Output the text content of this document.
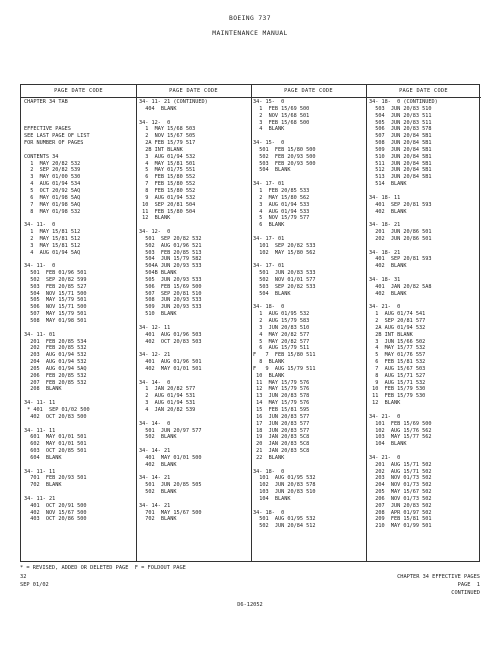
BOEING 737
MAINTENANCE MANUAL
PAGE DATE CODE
CHAPTER 34 TAB
EFFECTIVE PAGES
SEE LAST PAGE OF LIST
FOR NUMBER OF PAGES
CONTENTS 34
1  MAY 20/82 532
2  SEP 20/82 539
3  MAY 01/00 530
4  AUG 01/94 534
5  OCT 20/92 5AQ
6  MAY 01/98 5AQ
7  MAY 01/98 5AQ
8  MAY 01/98 532
34- 11-  0
1  MAY 15/81 512
2  MAY 15/81 512
3  MAY 15/81 512
4  AUG 01/94 5AQ
34- 11-  0
501  FEB 01/96 501
502  SEP 20/82 599
503  FEB 20/85 527
504  NOV 15/71 500
505  MAY 15/79 501
506  NOV 15/71 500
507  MAY 15/79 501
508  MAY 01/98 501
34- 11- 01
201  FEB 20/85 534
202  FEB 20/85 532
203  AUG 01/94 532
204  AUG 01/94 532
205  AUG 01/94 5AQ
206  FEB 20/85 532
207  FEB 20/85 532
208  BLANK
34- 11- 11
* 401  SEP 01/02 500
402  OCT 20/83 500
34- 11- 11
601  MAY 01/01 501
602  MAY 01/01 501
603  OCT 20/85 501
604  BLANK
34- 11- 11
701  FEB 20/93 501
702  BLANK
34- 11- 21
401  OCT 20/91 500
402  NOV 15/67 500
403  OCT 20/86 500
PAGE DATE CODE
34- 11- 21 (CONTINUED)
404  BLANK
34- 12-  0
1  MAY 15/68 503
2  NOV 15/67 505
2A FEB 15/79 517
2B INT BLANK
3  AUG 01/94 532
4  MAY 15/81 501
5  MAY 01/75 551
6  FEB 15/80 552
7  FEB 15/80 552
8  FEB 15/80 552
9  AUG 01/94 532
10  SEP 20/81 504
11  FEB 15/80 504
12  BLANK
34- 12-  0
501  SEP 20/82 532
502  AUG 01/96 521
503  FEB 20/85 513
504  JUN 15/79 582
504A JUN 20/93 533
504B BLANK
505  JUN 20/93 533
506  FEB 15/69 500
507  SEP 20/81 510
508  JUN 20/93 533
509  JUN 20/93 533
510  BLANK
34- 12- 11
401  AUG 01/96 503
402  OCT 20/83 503
34- 12- 21
401  AUG 01/96 501
402  MAY 01/01 501
34- 14-  0
1  JAN 20/82 577
2  AUG 01/94 531
3  AUG 01/94 531
4  JAN 20/82 539
34- 14-  0
501  JUN 20/97 577
502  BLANK
34- 14- 21
401  MAY 01/01 500
402  BLANK
34- 14- 21
501  JUN 20/85 505
502  BLANK
34- 14- 21
701  MAY 15/67 500
702  BLANK
PAGE DATE CODE
34- 15-  0
1  FEB 15/69 500
2  NOV 15/68 501
3  FEB 15/68 500
4  BLANK
34- 15-  0
501  FEB 15/80 500
502  FEB 20/93 500
503  FEB 20/93 500
504  BLANK
34- 17- 01
1  FEB 20/85 533
2  MAY 15/80 562
3  AUG 01/94 533
4  AUG 01/94 533
5  NOV 15/79 577
6  BLANK
34- 17- 01
101  SEP 20/82 533
102  MAY 15/80 562
34- 17- 01
501  JUN 20/83 533
502  NOV 01/01 577
503  SEP 20/82 533
504  BLANK
34- 18-  0
1  AUG 01/95 532
2  AUG 15/79 583
3  JUN 20/83 510
4  MAY 20/82 577
5  MAY 20/82 577
6  AUG 15/79 511
F   7  FEB 15/80 511
8  BLANK
F   9  AUG 15/79 511
10  BLANK
11  MAY 15/79 576
12  MAY 15/79 576
13  JUN 20/83 578
14  MAY 15/79 576
15  FEB 15/81 595
16  JUN 20/83 577
17  JUN 20/83 577
18  JUN 20/83 577
19  JAN 20/83 5C8
20  JAN 20/83 5C8
21  JAN 20/83 5C8
22  BLANK
34- 18-  0
101  AUG 01/95 532
102  JUN 20/83 578
103  JUN 20/83 510
104  BLANK
34- 18-  0
501  AUG 01/95 532
502  JUN 20/84 512
PAGE DATE CODE
34- 18-  0 (CONTINUED)
503  JUN 20/83 510
504  JUN 20/83 511
505  JUN 20/83 511
506  JUN 20/83 578
507  JUN 20/84 5B1
508  JUN 20/84 5B1
509  JUN 20/84 5B1
510  JUN 20/84 5B1
511  JUN 20/84 5B1
512  JUN 20/84 5B1
513  JUN 20/84 5B1
514  BLANK
34- 18- 11
401  SEP 20/81 593
402  BLANK
34- 18- 21
201  JUN 20/86 501
202  JUN 20/86 501
34- 18- 21
401  SEP 20/81 593
402  BLANK
34- 18- 31
401  JAN 20/82 5A8
402  BLANK
34- 21-  0
1  AUG 01/74 541
2  SEP 20/81 577
2A AUG 01/94 532
2B INT BLANK
3  JUN 15/66 502
4  MAY 15/77 532
5  MAY 01/76 557
6  FEB 15/81 532
7  AUG 15/67 503
8  AUG 15/71 527
9  AUG 15/71 532
10  FEB 15/79 530
11  FEB 15/79 530
12  BLANK
34- 21-  0
101  FEB 15/69 500
102  AUG 15/76 562
103  MAY 15/77 562
104  BLANK
34- 21-  0
201  AUG 15/71 502
202  AUG 15/71 502
203  NOV 01/73 502
204  NOV 01/73 502
205  MAY 15/67 502
206  NOV 01/73 502
207  JUN 20/83 502
208  APR 01/97 502
209  FEB 15/81 501
210  MAY 01/99 501
* = REVISED, ADDED OR DELETED PAGE  F = FOLDOUT PAGE
32
SEP 01/02
CHAPTER 34 EFFECTIVE PAGES
PAGE  1
CONTINUED
D6-12052
